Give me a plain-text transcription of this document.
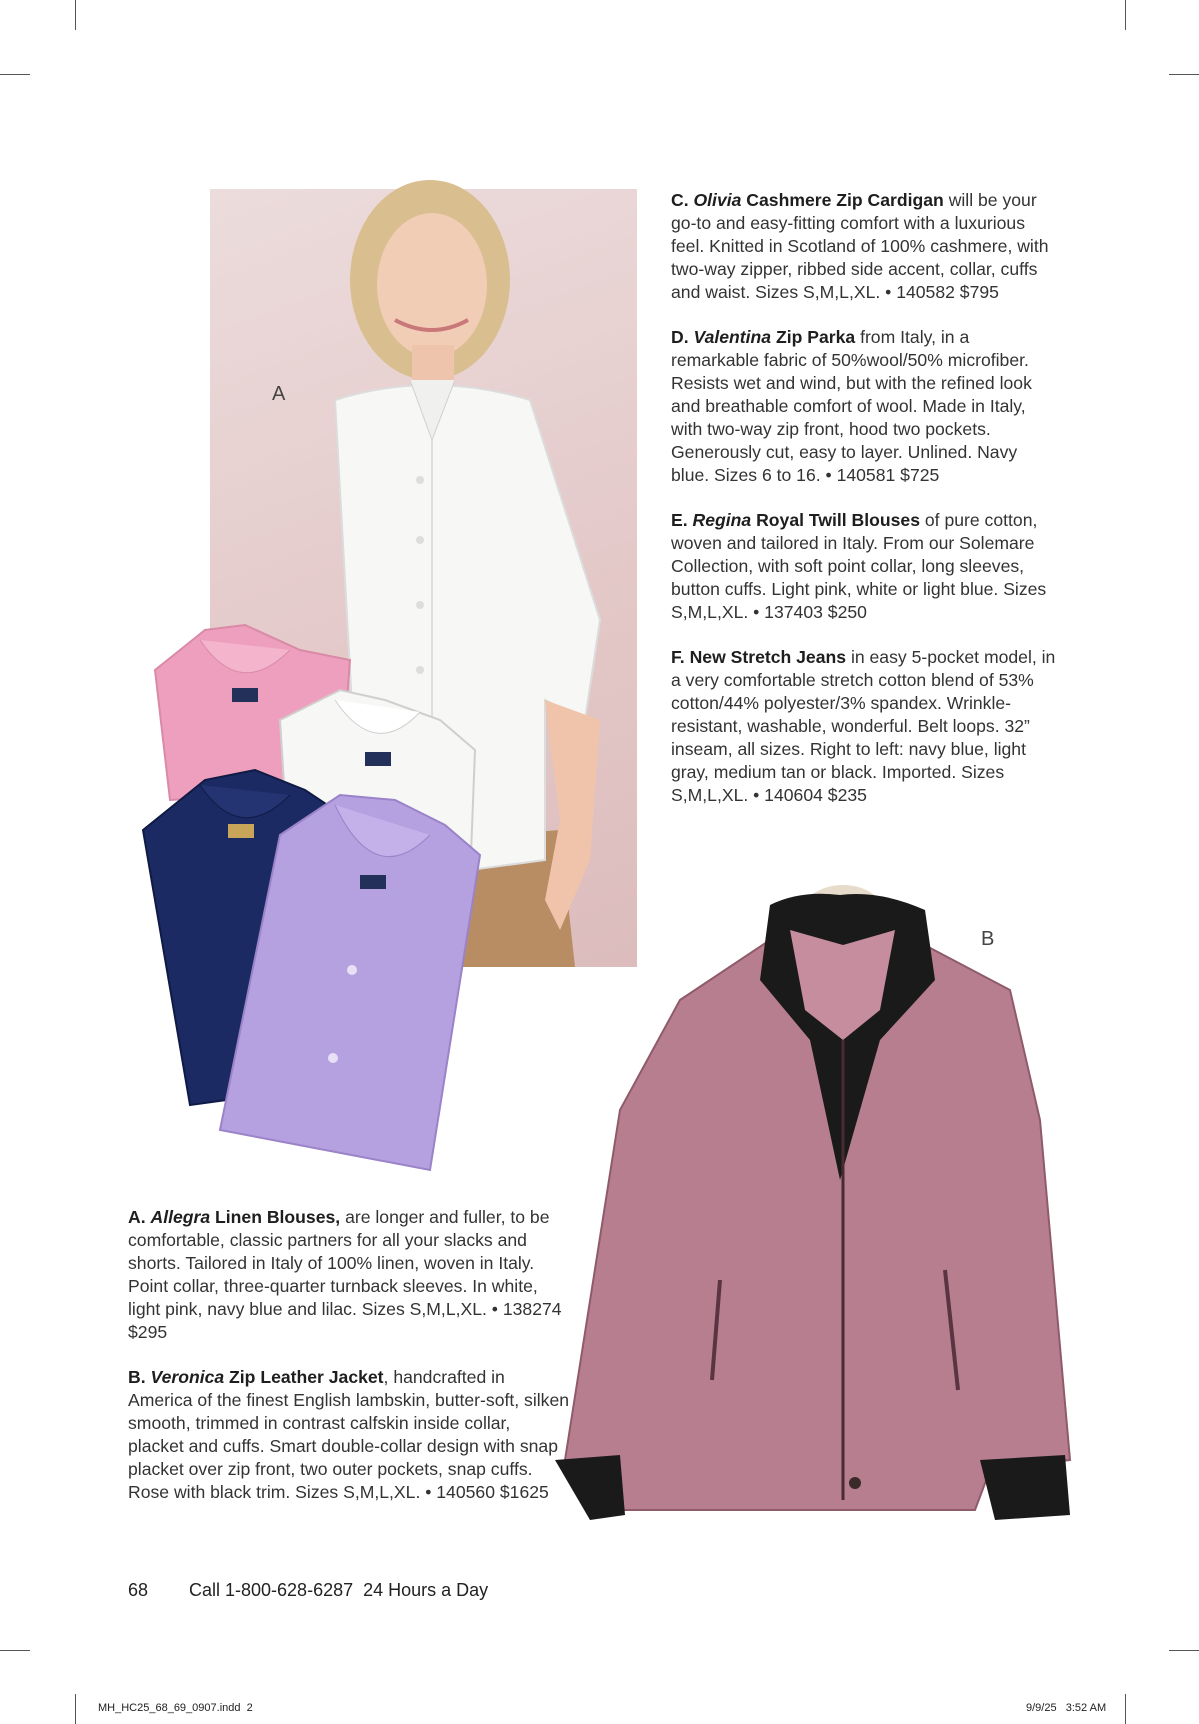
A
B

C. Olivia Cashmere Zip Cardigan will be your go-to and easy-fitting comfort with a luxurious feel. Knitted in Scotland of 100% cashmere, with two-way zipper, ribbed side accent, collar, cuffs and waist. Sizes S,M,L,XL. • 140582 $795

D. Valentina Zip Parka from Italy, in a remarkable fabric of 50%wool/50% microfiber. Resists wet and wind, but with the refined look and breathable comfort of wool. Made in Italy, with two-way zip front, hood two pockets. Generously cut, easy to layer. Unlined. Navy blue. Sizes 6 to 16. • 140581 $725

E. Regina Royal Twill Blouses of pure cotton, woven and tailored in Italy. From our Solemare Collection, with soft point collar, long sleeves, button cuffs. Light pink, white or light blue. Sizes S,M,L,XL. • 137403 $250

F. New Stretch Jeans in easy 5-pocket model, in a very comfortable stretch cotton blend of 53% cotton/44% polyester/3% spandex. Wrinkle-resistant, washable, wonderful. Belt loops. 32” inseam, all sizes. Right to left: navy blue, light gray, medium tan or black. Imported. Sizes S,M,L,XL. • 140604 $235

A. Allegra Linen Blouses, are longer and fuller, to be comfortable, classic partners for all your slacks and shorts. Tailored in Italy of 100% linen, woven in Italy. Point collar, three-quarter turnback sleeves. In white, light pink, navy blue and lilac. Sizes S,M,L,XL. • 138274 $295

B. Veronica Zip Leather Jacket, handcrafted in America of the finest English lambskin, butter-soft, silken smooth, trimmed in contrast calfskin inside collar, placket and cuffs. Smart double-collar design with snap placket over zip front, two outer pockets, snap cuffs. Rose with black trim. Sizes S,M,L,XL. • 140560 $1625

68 Call 1-800-628-6287  24 Hours a Day
MH_HC25_68_69_0907.indd  2	9/9/25   3:52 AM
